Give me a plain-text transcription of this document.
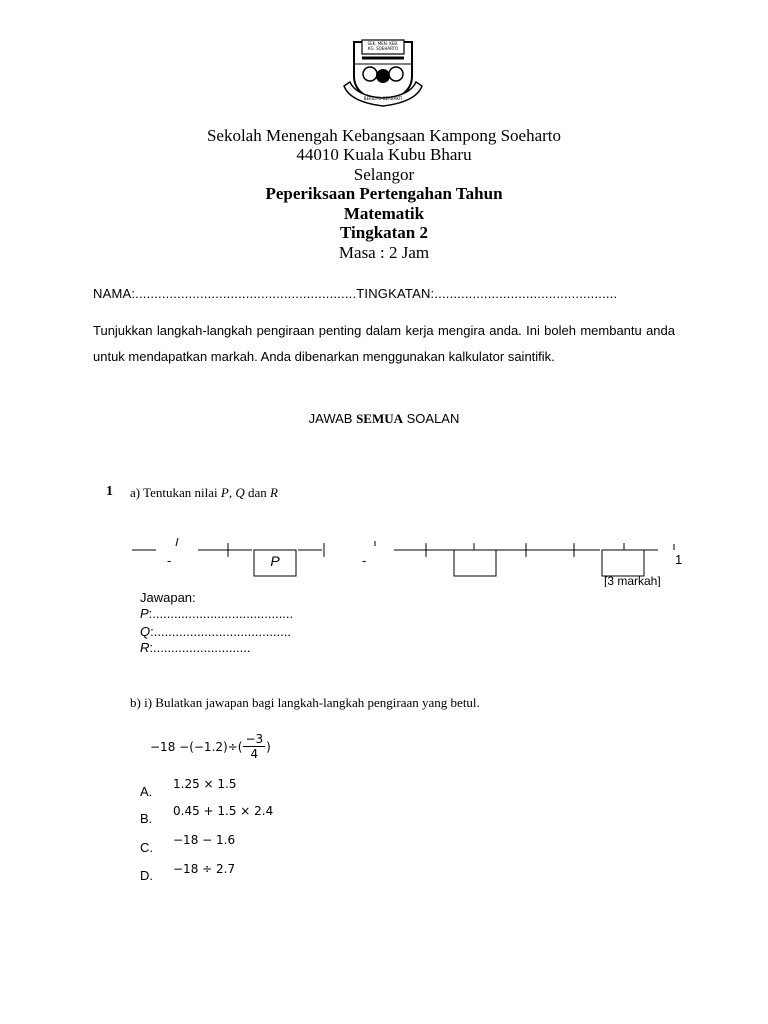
SEK. MEN. KEB. KG. SOEHARTO
BERILMU BERBAKTI
Sekolah Menengah Kebangsaan Kampong Soeharto
44010 Kuala Kubu Bharu
Selangor
Peperiksaan Pertengahan Tahun
Matematik
Tingkatan 2
Masa : 2 Jam
NAMA:..........................................................TINGKATAN:................................................
Tunjukkan langkah-langkah pengiraan penting dalam kerja mengira anda. Ini boleh membantu anda untuk mendapatkan markah. Anda dibenarkan menggunakan kalkulator saintifik.
JAWAB SEMUA SOALAN
1 a) Tentukan nilai P, Q dan R
P
-	-	1
[3 markah]
Jawapan:
P:.......................................
Q:......................................
R:...........................
b) i) Bulatkan jawapan bagi langkah-langkah pengiraan yang betul.
$-18 -(-1.2)\div( \frac{-3}{4}$ )
A. 1.25 × 1.5
B. 0.45 + 1.5 × 2.4
C. −18 − 1.6
D. −18 ÷ 2.7
